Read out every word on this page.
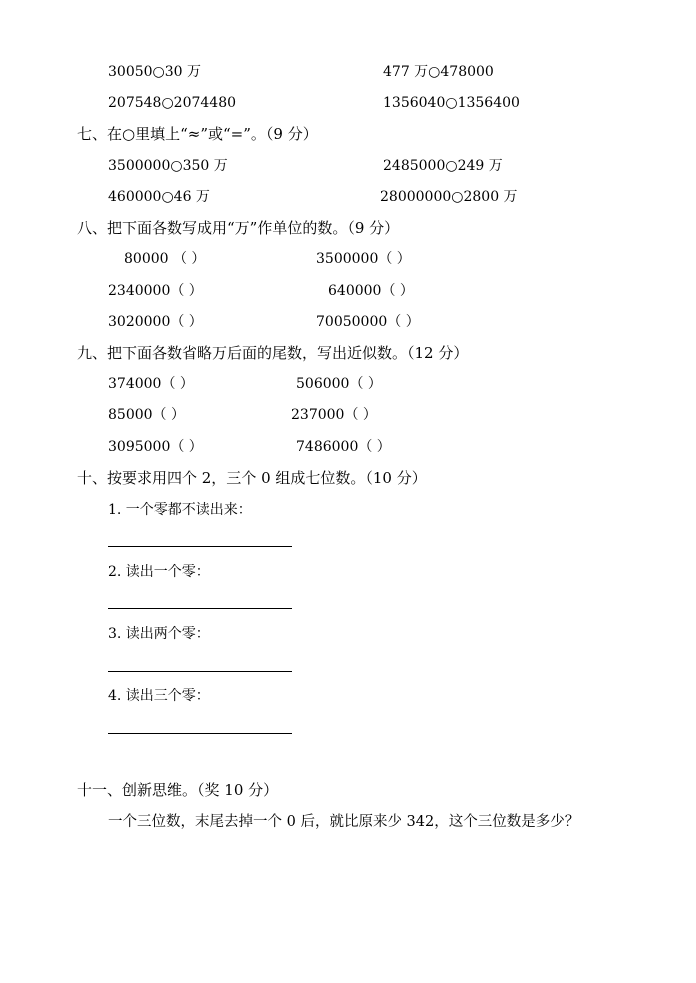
30050○30 万	477 万○478000
207548○2074480	1356040○1356400
七、在○里填上“≈”或“=”。（9 分）
3500000○350 万	2485000○249 万
460000○46 万	28000000○2800 万
八、把下面各数写成用“万”作单位的数。（9 分）
80000 （ ）	3500000（ ）
2340000（ ）	640000（ ）
3020000（ ）	70050000（ ）
九、把下面各数省略万后面的尾数，写出近似数。（12 分）
374000（ ）	506000（ ）
85000（ ）	237000（ ）
3095000（ ）	7486000（ ）
十、按要求用四个 2，三个 0 组成七位数。（10 分）
1. 一个零都不读出来：
2. 读出一个零：
3. 读出两个零：
4. 读出三个零：
十一、创新思维。（奖 10 分）
一个三位数，末尾去掉一个 0 后，就比原来少 342，这个三位数是多少？
